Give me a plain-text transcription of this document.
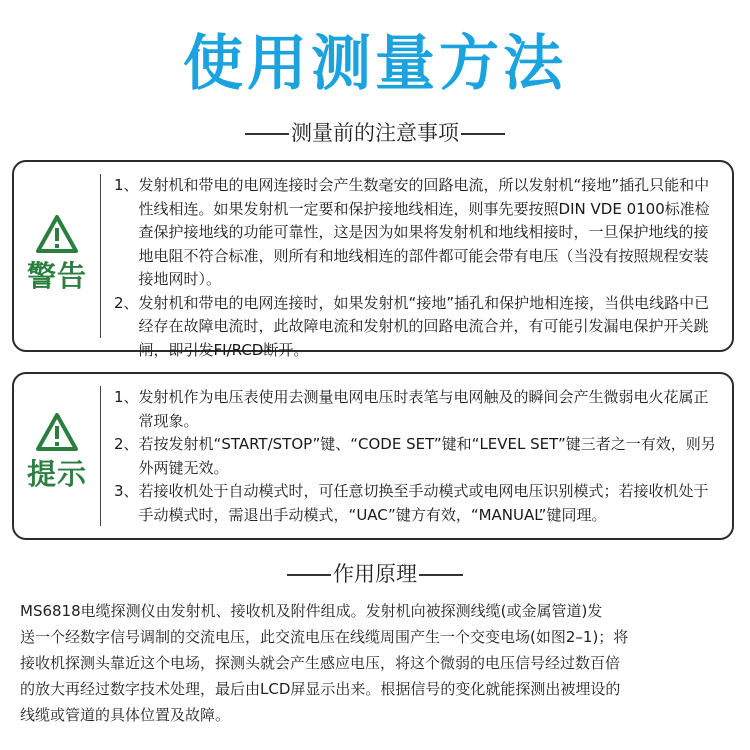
使用测量方法
测量前的注意事项
警告
1、 发射机和带电的电网连接时会产生数毫安的回路电流，所以发射机“接地”插孔只能和中性线相连。如果发射机一定要和保护接地线相连，则事先要按照DIN VDE 0100标准检查保护接地线的功能可靠性，这是因为如果将发射机和地线相接时，一旦保护地线的接地电阻不符合标准，则所有和地线相连的部件都可能会带有电压（当没有按照规程安装接地网时）。
2、 发射机和带电的电网连接时，如果发射机“接地”插孔和保护地相连接，当供电线路中已经存在故障电流时，此故障电流和发射机的回路电流合并，有可能引发漏电保护开关跳闸，即引发FI/RCD断开。
提示
1、 发射机作为电压表使用去测量电网电压时表笔与电网触及的瞬间会产生微弱电火花属正常现象。
2、 若按发射机“START/STOP”键、“CODE SET”键和“LEVEL SET”键三者之一有效，则另外两键无效。
3、 若接收机处于自动模式时，可任意切换至手动模式或电网电压识别模式；若接收机处于手动模式时，需退出手动模式，“UAC”键方有效，“MANUAL”键同理。
作用原理
MS6818电缆探测仪由发射机、接收机及附件组成。发射机向被探测线缆(或金属管道)发
送一个经数字信号调制的交流电压，此交流电压在线缆周围产生一个交变电场(如图2–1)；将
接收机探测头靠近这个电场，探测头就会产生感应电压，将这个微弱的电压信号经过数百倍
的放大再经过数字技术处理，最后由LCD屏显示出来。根据信号的变化就能探测出被埋设的
线缆或管道的具体位置及故障。
